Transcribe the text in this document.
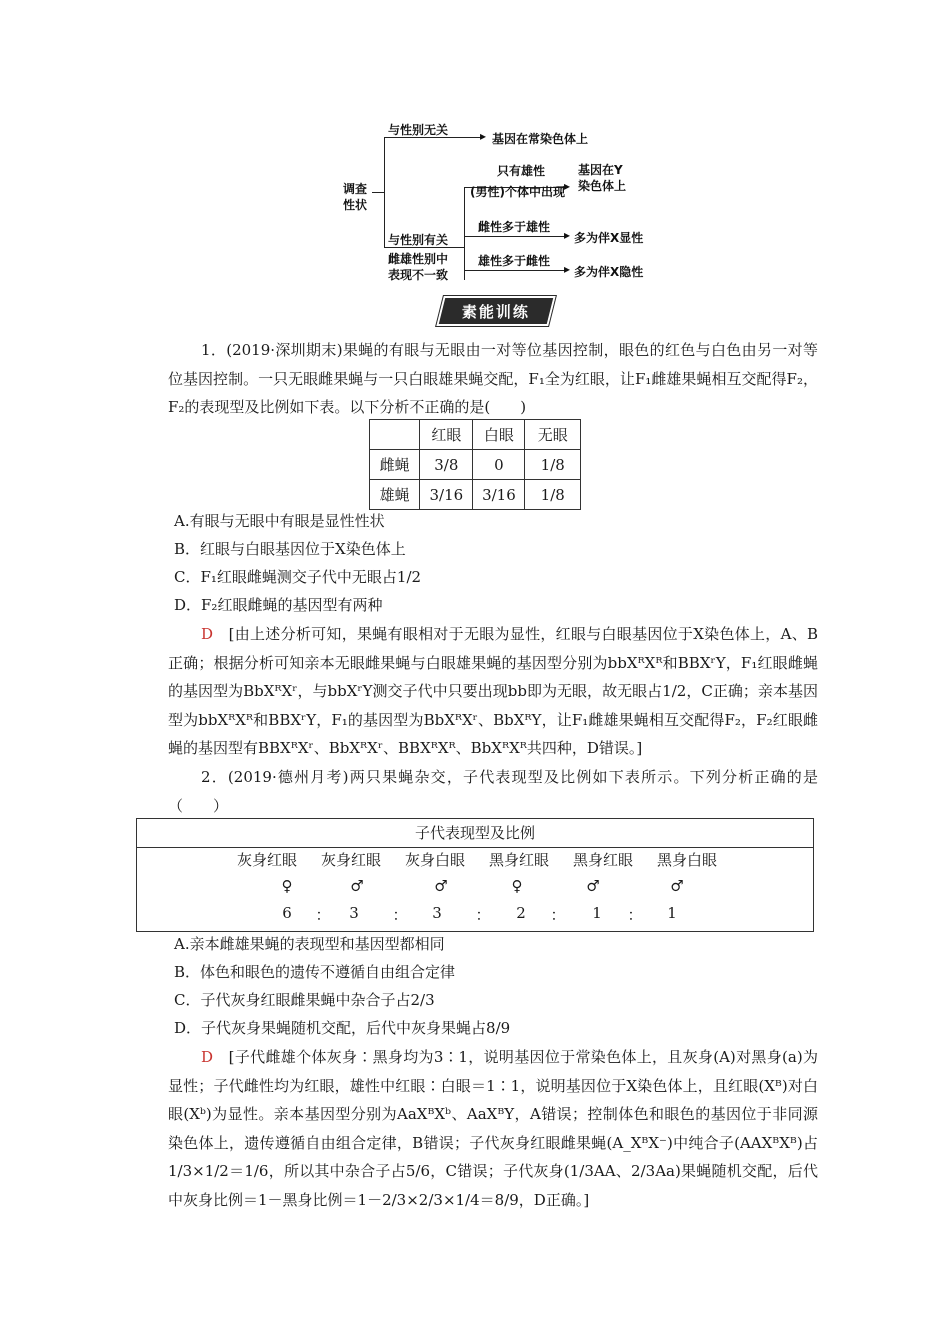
调查
性状
与性别无关	▸ 基因在常染色体上
与性别有关
雌雄性别中
表现不一致
只有雄性
(男性)个体中出现 ▸
基因在Y
染色体上
雌性多于雄性
▸ 多为伴X显性
雄性多于雌性
▸ 多为伴X隐性
素能训练
1．(2019·深圳期末)果蝇的有眼与无眼由一对等位基因控制，眼色的红色与白色由另一对等位基因控制。一只无眼雌果蝇与一只白眼雄果蝇交配，F₁全为红眼，让F₁雌雄果蝇相互交配得F₂，F₂的表现型及比例如下表。以下分析不正确的是(　　)
	红眼	白眼	无眼
雌蝇	3/8	0	1/8
雄蝇	3/16	3/16	1/8
A.有眼与无眼中有眼是显性性状
B．红眼与白眼基因位于X染色体上
C．F₁红眼雌蝇测交子代中无眼占1/2
D．F₂红眼雌蝇的基因型有两种
D　[由上述分析可知，果蝇有眼相对于无眼为显性，红眼与白眼基因位于X染色体上，A、B正确；根据分析可知亲本无眼雌果蝇与白眼雄果蝇的基因型分别为bbXᴿXᴿ和BBXʳY，F₁红眼雌蝇的基因型为BbXᴿXʳ，与bbXʳY测交子代中只要出现bb即为无眼，故无眼占1/2，C正确；亲本基因型为bbXᴿXᴿ和BBXʳY，F₁的基因型为BbXᴿXʳ、BbXᴿY，让F₁雌雄果蝇相互交配得F₂，F₂红眼雌蝇的基因型有BBXᴿXʳ、BbXᴿXʳ、BBXᴿXᴿ、BbXᴿXᴿ共四种，D错误。]
2．(2019·德州月考)两只果蝇杂交，子代表现型及比例如下表所示。下列分析正确的是（　　）
子代表现型及比例
灰身红眼	灰身红眼	灰身白眼	黑身红眼	黑身红眼	黑身白眼
♀	♂	♂	♀	♂	♂
6	：	3	：	3	：	2	：	1	：	1
A.亲本雌雄果蝇的表现型和基因型都相同
B．体色和眼色的遗传不遵循自由组合定律
C．子代灰身红眼雌果蝇中杂合子占2/3
D．子代灰身果蝇随机交配，后代中灰身果蝇占8/9
D　[子代雌雄个体灰身∶黑身均为3∶1，说明基因位于常染色体上，且灰身(A)对黑身(a)为显性；子代雌性均为红眼，雄性中红眼∶白眼＝1∶1，说明基因位于X染色体上，且红眼(Xᴮ)对白眼(Xᵇ)为显性。亲本基因型分别为AaXᴮXᵇ、AaXᴮY，A错误；控制体色和眼色的基因位于非同源染色体上，遗传遵循自由组合定律，B错误；子代灰身红眼雌果蝇(A_XᴮX⁻)中纯合子(AAXᴮXᴮ)占1/3×1/2＝1/6，所以其中杂合子占5/6，C错误；子代灰身(1/3AA、2/3Aa)果蝇随机交配，后代中灰身比例＝1－黑身比例＝1－2/3×2/3×1/4＝8/9，D正确。]
